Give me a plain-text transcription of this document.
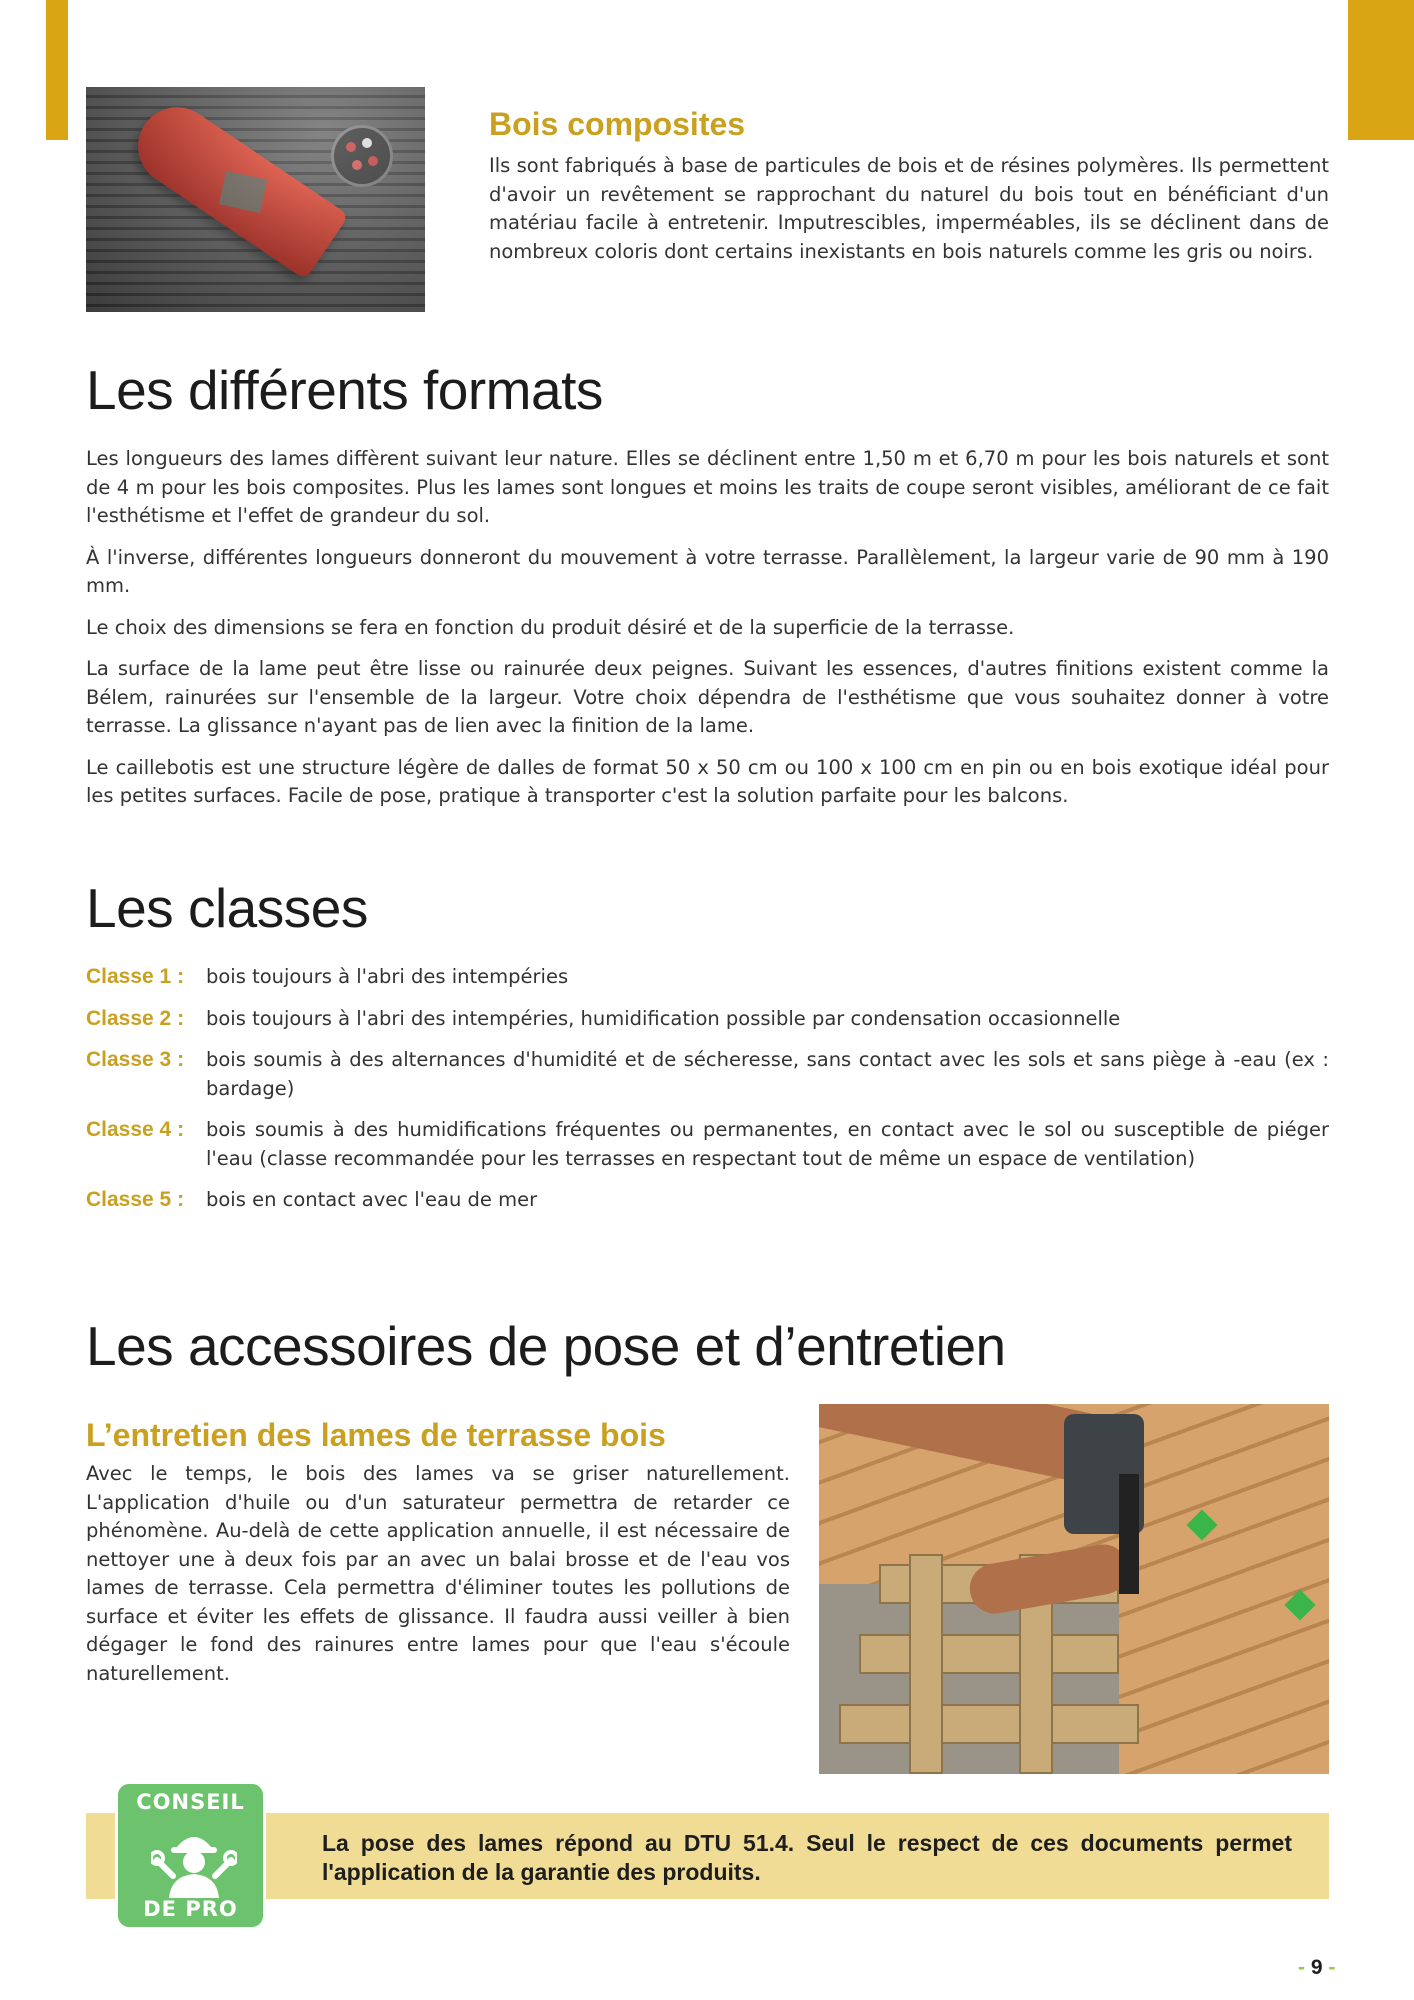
Bois composites

Ils sont fabriqués à base de particules de bois et de résines polymères. Ils permettent d'avoir un revêtement se rapprochant du naturel du bois tout en bénéficiant d'un matériau facile à entretenir. Imputrescibles, imperméables, ils se déclinent dans de nombreux coloris dont certains inexistants en bois naturels comme les gris ou noirs.

Les différents formats

Les longueurs des lames diffèrent suivant leur nature. Elles se déclinent entre 1,50 m et 6,70 m pour les bois naturels et sont de 4 m pour les bois composites. Plus les lames sont longues et moins les traits de coupe seront visibles, améliorant de ce fait l'esthétisme et l'effet de grandeur du sol.

À l'inverse, différentes longueurs donneront du mouvement à votre terrasse. Parallèlement, la largeur varie de 90 mm à 190 mm.

Le choix des dimensions se fera en fonction du produit désiré et de la superficie de la terrasse.

La surface de la lame peut être lisse ou rainurée deux peignes. Suivant les essences, d'autres finitions existent comme la Bélem, rainurées sur l'ensemble de la largeur. Votre choix dépendra de l'esthétisme que vous souhaitez donner à votre terrasse. La glissance n'ayant pas de lien avec la finition de la lame.

Le caillebotis est une structure légère de dalles de format 50 x 50 cm ou 100 x 100 cm en pin ou en bois exotique idéal pour les petites surfaces. Facile de pose, pratique à transporter c'est la solution parfaite pour les balcons.

Les classes
Classe 1 :	bois toujours à l'abri des intempéries
Classe 2 :	bois toujours à l'abri des intempéries, humidification possible par condensation occasionnelle
Classe 3 :	bois soumis à des alternances d'humidité et de sécheresse, sans contact avec les sols et sans piège à -eau (ex : bardage)
Classe 4 :	bois soumis à des humidifications fréquentes ou permanentes, en contact avec le sol ou susceptible de piéger l'eau (classe recommandée pour les terrasses en respectant tout de même un espace de ventilation)
Classe 5 :	bois en contact avec l'eau de mer
Les accessoires de pose et d’entretien
L’entretien des lames de terrasse bois

Avec le temps, le bois des lames va se griser naturellement. L'application d'huile ou d'un saturateur permettra de retarder ce phénomène. Au-delà de cette application annuelle, il est nécessaire de nettoyer une à deux fois par an avec un balai brosse et de l'eau vos lames de terrasse. Cela permettra d'éliminer toutes les pollutions de surface et éviter les effets de glissance. Il faudra aussi veiller à bien dégager le fond des rainures entre lames pour que l'eau s'écoule naturellement.

La pose des lames répond au DTU 51.4. Seul le respect de ces documents permet l'application de la garantie des produits.

CONSEIL
DE PRO
- 9 -
